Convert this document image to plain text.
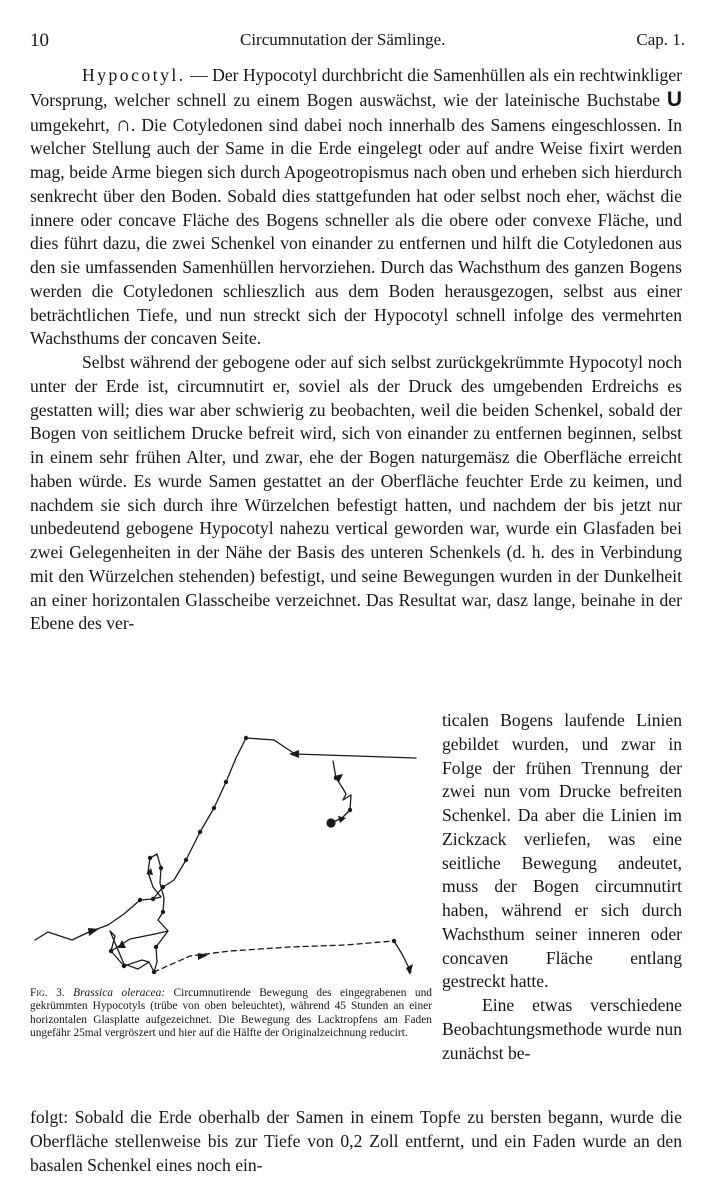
10	Circumnutation der Sämlinge.	Cap. 1.

Hypocotyl. — Der Hypocotyl durchbricht die Samenhüllen als ein rechtwinkliger Vorsprung, welcher schnell zu einem Bogen auswächst, wie der lateinische Buchstabe U umgekehrt, ∩. Die Cotyledonen sind dabei noch innerhalb des Samens eingeschlossen. In welcher Stellung auch der Same in die Erde eingelegt oder auf andre Weise fixirt werden mag, beide Arme biegen sich durch Apogeotropismus nach oben und erheben sich hierdurch senkrecht über den Boden. Sobald dies stattgefunden hat oder selbst noch eher, wächst die innere oder concave Fläche des Bogens schneller als die obere oder convexe Fläche, und dies führt dazu, die zwei Schenkel von einander zu entfernen und hilft die Cotyledonen aus den sie umfassenden Samenhüllen hervorziehen. Durch das Wachsthum des ganzen Bogens werden die Cotyledonen schlieszlich aus dem Boden herausgezogen, selbst aus einer beträchtlichen Tiefe, und nun streckt sich der Hypocotyl schnell infolge des vermehrten Wachsthums der concaven Seite.

Selbst während der gebogene oder auf sich selbst zurückgekrümmte Hypocotyl noch unter der Erde ist, circumnutirt er, soviel als der Druck des umgebenden Erdreichs es gestatten will; dies war aber schwierig zu beobachten, weil die beiden Schenkel, sobald der Bogen von seitlichem Drucke befreit wird, sich von einander zu entfernen beginnen, selbst in einem sehr frühen Alter, und zwar, ehe der Bogen naturgemäsz die Oberfläche erreicht haben würde. Es wurde Samen gestattet an der Oberfläche feuchter Erde zu keimen, und nachdem sie sich durch ihre Würzelchen befestigt hatten, und nachdem der bis jetzt nur unbedeutend gebogene Hypocotyl nahezu vertical geworden war, wurde ein Glasfaden bei zwei Gelegenheiten in der Nähe der Basis des unteren Schenkels (d. h. des in Verbindung mit den Würzelchen stehenden) befestigt, und seine Bewegungen wurden in der Dunkelheit an einer horizontalen Glasscheibe verzeichnet. Das Resultat war, dasz lange, beinahe in der Ebene des ver-

Fig. 3. Brassica oleracea: Circumnutirende Bewegung des eingegrabenen und gekrümmten Hypocotyls (trübe von oben beleuchtet), während 45 Stunden an einer horizontalen Glasplatte aufgezeichnet. Die Bewegung des Lacktropfens am Faden ungefähr 25mal vergröszert und hier auf die Hälfte der Originalzeichnung reducirt.

ticalen Bogens laufende Linien gebildet wurden, und zwar in Folge der frühen Trennung der zwei nun vom Drucke befreiten Schenkel. Da aber die Linien im Zickzack verliefen, was eine seitliche Bewegung andeutet, muss der Bogen circumnutirt haben, während er sich durch Wachsthum seiner inneren oder concaven Fläche entlang gestreckt hatte.

Eine etwas verschiedene Beobachtungsmethode wurde nun zunächst be-

folgt: Sobald die Erde oberhalb der Samen in einem Topfe zu bersten begann, wurde die Oberfläche stellenweise bis zur Tiefe von 0,2 Zoll entfernt, und ein Faden wurde an den basalen Schenkel eines noch ein-
